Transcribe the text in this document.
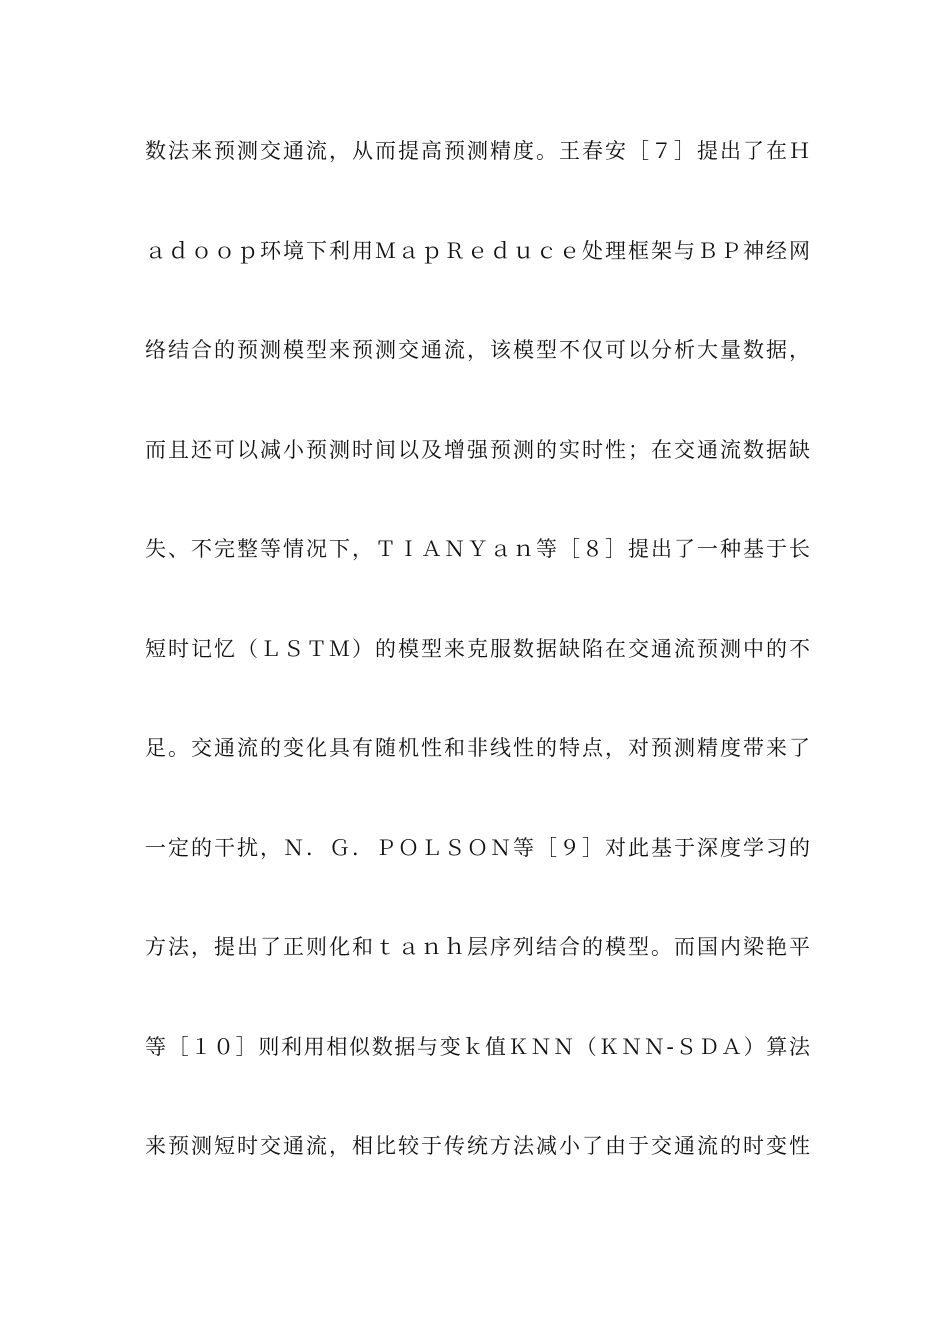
数法来预测交通流，从而提高预测精度。王春安［７］提出了在Ｈ
ａｄｏｏｐ环境下利用ＭａｐＲｅｄｕｃｅ处理框架与ＢＰ神经网
络结合的预测模型来预测交通流，该模型不仅可以分析大量数据，
而且还可以减小预测时间以及增强预测的实时性；在交通流数据缺
失、不完整等情况下，ＴＩＡＮＹａｎ等［８］提出了一种基于长
短时记忆（ＬＳＴＭ）的模型来克服数据缺陷在交通流预测中的不
足。交通流的变化具有随机性和非线性的特点，对预测精度带来了
一定的干扰，Ｎ．Ｇ．ＰＯＬＳＯＮ等［９］对此基于深度学习的
方法，提出了正则化和ｔａｎｈ层序列结合的模型。而国内梁艳平
等［１０］则利用相似数据与变ｋ值ＫＮＮ（ＫＮＮ-ＳＤＡ）算法
来预测短时交通流，相比较于传统方法减小了由于交通流的时变性
